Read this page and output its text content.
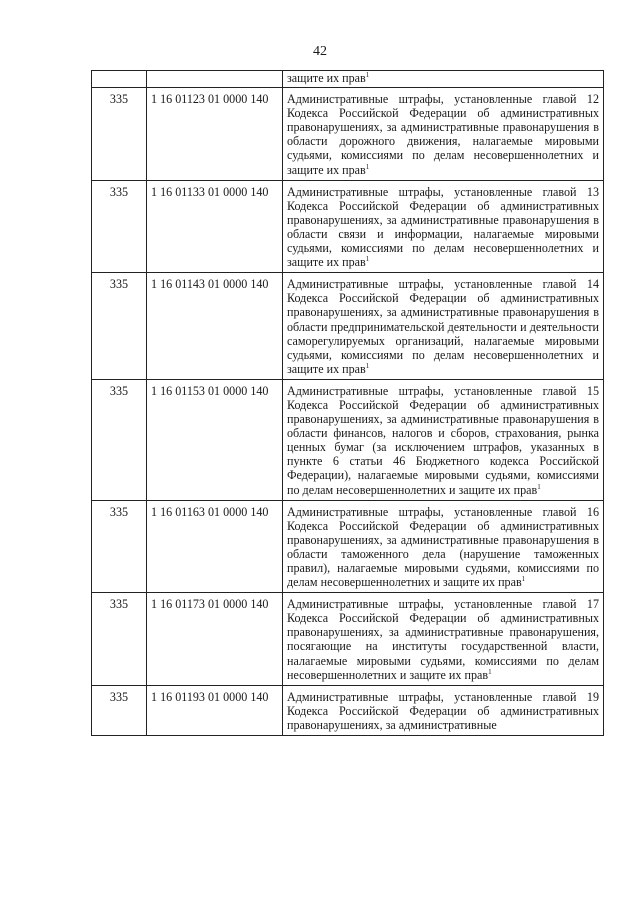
42
		защите их прав$^1$
335	1 16 01123 01 0000 140	Административные штрафы, установленные главой 12 Кодекса Российской Федерации об административных правонарушениях, за административные правонарушения в области дорожного движения, налагаемые мировыми судьями, комиссиями по делам несовершеннолетних и защите их прав$^1$
335	1 16 01133 01 0000 140	Административные штрафы, установленные главой 13 Кодекса Российской Федерации об административных правонарушениях, за административные правонарушения в области связи и информации, налагаемые мировыми судьями, комиссиями по делам несовершеннолетних и защите их прав$^1$
335	1 16 01143 01 0000 140	Административные штрафы, установленные главой 14 Кодекса Российской Федерации об административных правонарушениях, за административные правонарушения в области предпринимательской деятельности и деятельности саморегулируемых организаций, налагаемые мировыми судьями, комиссиями по делам несовершеннолетних и защите их прав$^1$
335	1 16 01153 01 0000 140	Административные штрафы, установленные главой 15 Кодекса Российской Федерации об административных правонарушениях, за административные правонарушения в области финансов, налогов и сборов, страхования, рынка ценных бумаг (за исключением штрафов, указанных в пункте 6 статьи 46 Бюджетного кодекса Российской Федерации), налагаемые мировыми судьями, комиссиями по делам несовершеннолетних и защите их прав$^1$
335	1 16 01163 01 0000 140	Административные штрафы, установленные главой 16 Кодекса Российской Федерации об административных правонарушениях, за административные правонарушения в области таможенного дела (нарушение таможенных правил), налагаемые мировыми судьями, комиссиями по делам несовершеннолетних и защите их прав$^1$
335	1 16 01173 01 0000 140	Административные штрафы, установленные главой 17 Кодекса Российской Федерации об административных правонарушениях, за административные правонарушения, посягающие на институты государственной власти, налагаемые мировыми судьями, комиссиями по делам несовершеннолетних и защите их прав$^1$
335	1 16 01193 01 0000 140	Административные штрафы, установленные главой 19 Кодекса Российской Федерации об административных правонарушениях, за административные
